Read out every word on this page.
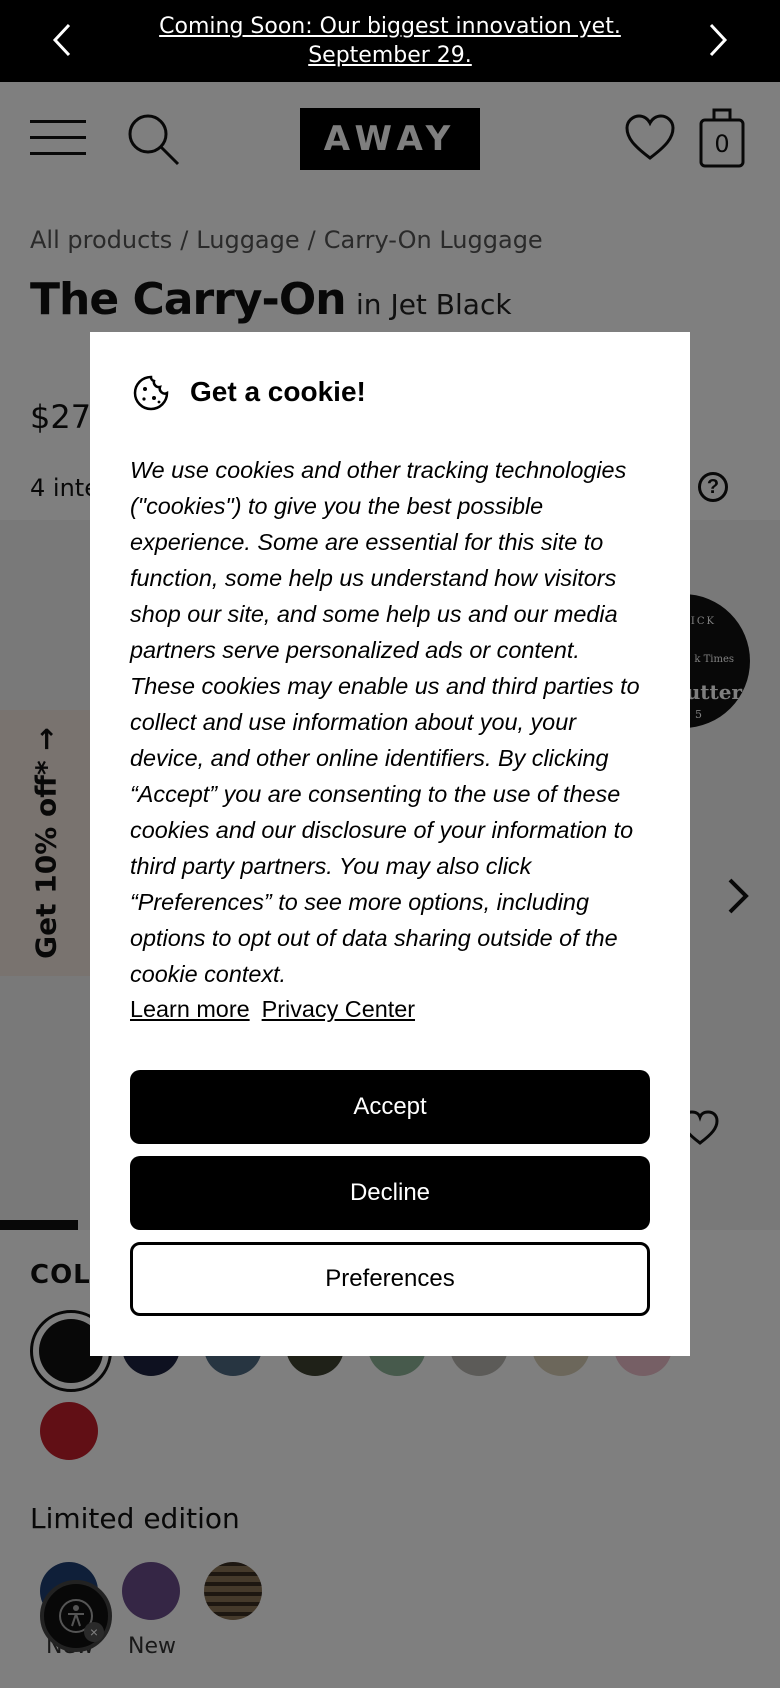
Coming Soon: Our biggest innovation yet. September 29.
Get a cookie!
We use cookies and other tracking technologies ("cookies") to give you the best possible experience. Some are essential for this site to function, some help us understand how visitors shop our site, and some help us and our media partners serve personalized ads or content. These cookies may enable us and third parties to collect and use information about you, your device, and other online identifiers. By clicking “Accept” you are consenting to the use of these cookies and our disclosure of your information to third party partners. You may also click “Preferences” to see more options, including options to opt out of data sharing outside of the cookie context.
Learn more Privacy Center
Accept
Decline
Preferences
